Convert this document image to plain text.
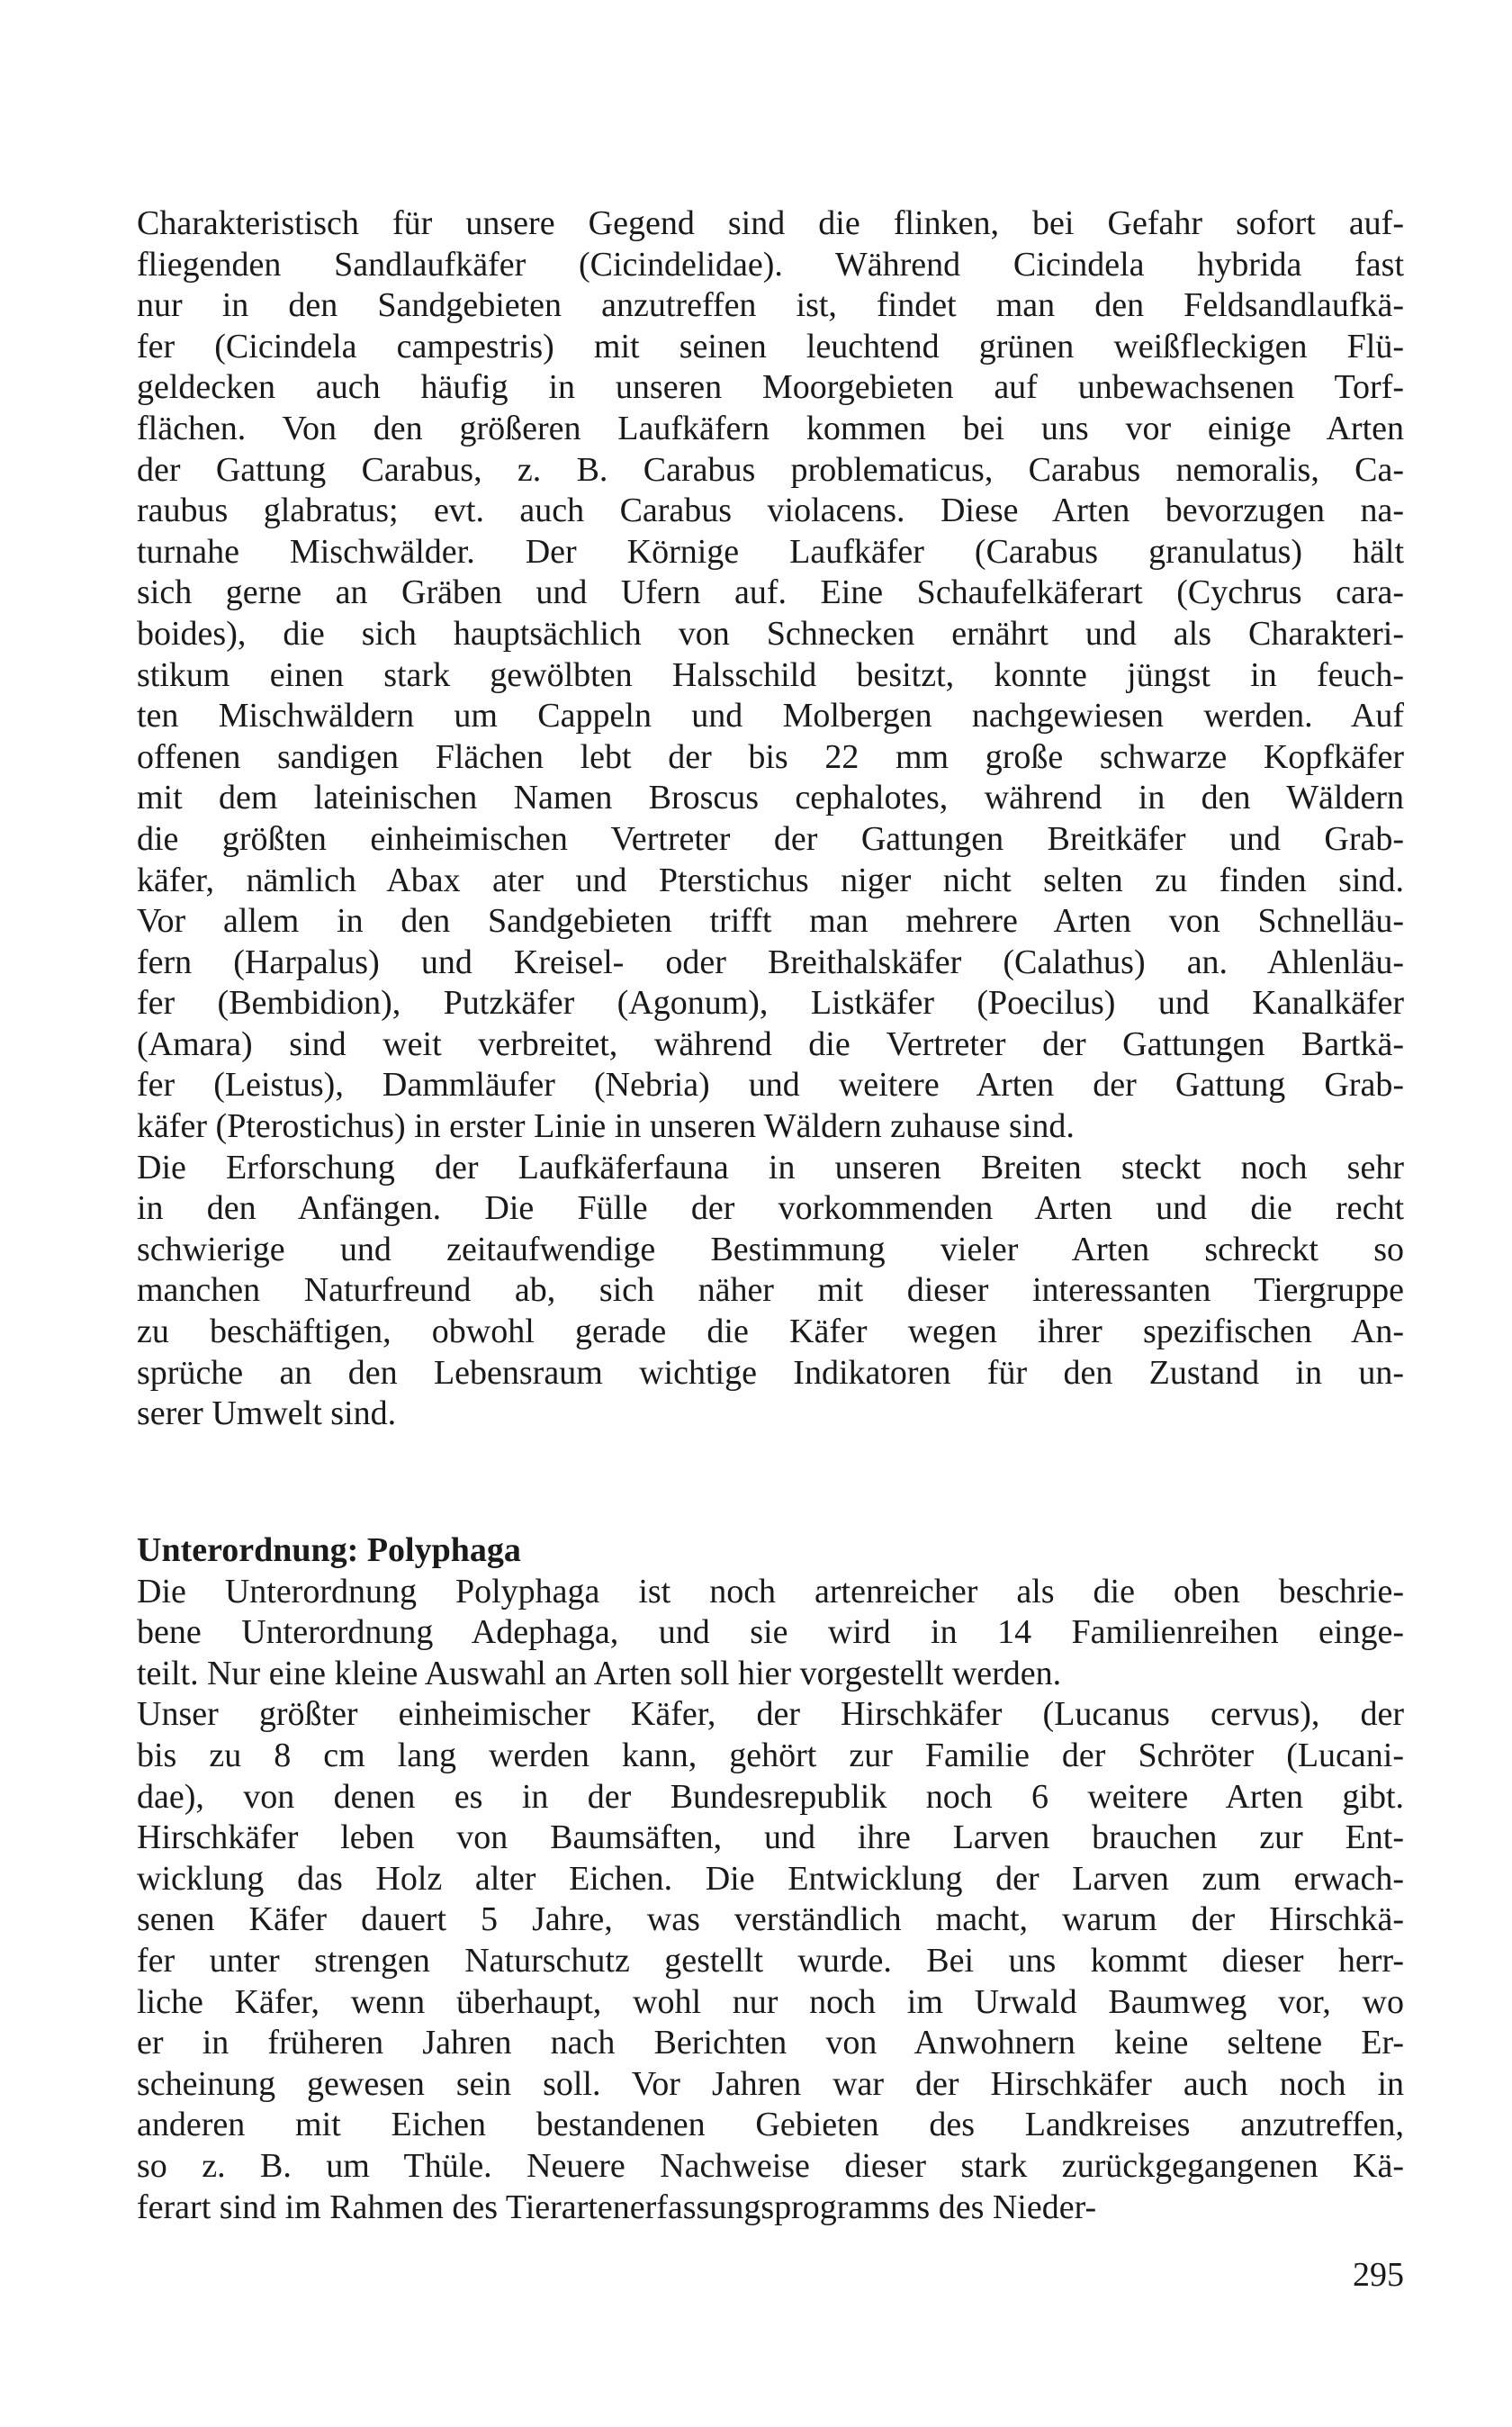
Charakteristisch für unsere Gegend sind die flinken, bei Gefahr sofort auf-
fliegenden Sandlaufkäfer (Cicindelidae). Während Cicindela hybrida fast
nur in den Sandgebieten anzutreffen ist, findet man den Feldsandlaufkä-
fer (Cicindela campestris) mit seinen leuchtend grünen weißfleckigen Flü-
geldecken auch häufig in unseren Moorgebieten auf unbewachsenen Torf-
flächen. Von den größeren Laufkäfern kommen bei uns vor einige Arten
der Gattung Carabus, z. B. Carabus problematicus, Carabus nemoralis, Ca-
raubus glabratus; evt. auch Carabus violacens. Diese Arten bevorzugen na-
turnahe Mischwälder. Der Körnige Laufkäfer (Carabus granulatus) hält
sich gerne an Gräben und Ufern auf. Eine Schaufelkäferart (Cychrus cara-
boides), die sich hauptsächlich von Schnecken ernährt und als Charakteri-
stikum einen stark gewölbten Halsschild besitzt, konnte jüngst in feuch-
ten Mischwäldern um Cappeln und Molbergen nachgewiesen werden. Auf
offenen sandigen Flächen lebt der bis 22 mm große schwarze Kopfkäfer
mit dem lateinischen Namen Broscus cephalotes, während in den Wäldern
die größten einheimischen Vertreter der Gattungen Breitkäfer und Grab-
käfer, nämlich Abax ater und Pterstichus niger nicht selten zu finden sind.
Vor allem in den Sandgebieten trifft man mehrere Arten von Schnelläu-
fern (Harpalus) und Kreisel- oder Breithalskäfer (Calathus) an. Ahlenläu-
fer (Bembidion), Putzkäfer (Agonum), Listkäfer (Poecilus) und Kanalkäfer
(Amara) sind weit verbreitet, während die Vertreter der Gattungen Bartkä-
fer (Leistus), Dammläufer (Nebria) und weitere Arten der Gattung Grab-
käfer (Pterostichus) in erster Linie in unseren Wäldern zuhause sind.

Die Erforschung der Laufkäferfauna in unseren Breiten steckt noch sehr
in den Anfängen. Die Fülle der vorkommenden Arten und die recht
schwierige und zeitaufwendige Bestimmung vieler Arten schreckt so
manchen Naturfreund ab, sich näher mit dieser interessanten Tiergruppe
zu beschäftigen, obwohl gerade die Käfer wegen ihrer spezifischen An-
sprüche an den Lebensraum wichtige Indikatoren für den Zustand in un-
serer Umwelt sind.

Unterordnung: Polyphaga

Die Unterordnung Polyphaga ist noch artenreicher als die oben beschrie-
bene Unterordnung Adephaga, und sie wird in 14 Familienreihen einge-
teilt. Nur eine kleine Auswahl an Arten soll hier vorgestellt werden.

Unser größter einheimischer Käfer, der Hirschkäfer (Lucanus cervus), der
bis zu 8 cm lang werden kann, gehört zur Familie der Schröter (Lucani-
dae), von denen es in der Bundesrepublik noch 6 weitere Arten gibt.
Hirschkäfer leben von Baumsäften, und ihre Larven brauchen zur Ent-
wicklung das Holz alter Eichen. Die Entwicklung der Larven zum erwach-
senen Käfer dauert 5 Jahre, was verständlich macht, warum der Hirschkä-
fer unter strengen Naturschutz gestellt wurde. Bei uns kommt dieser herr-
liche Käfer, wenn überhaupt, wohl nur noch im Urwald Baumweg vor, wo
er in früheren Jahren nach Berichten von Anwohnern keine seltene Er-
scheinung gewesen sein soll. Vor Jahren war der Hirschkäfer auch noch in
anderen mit Eichen bestandenen Gebieten des Landkreises anzutreffen,
so z. B. um Thüle. Neuere Nachweise dieser stark zurückgegangenen Kä-
ferart sind im Rahmen des Tierartenerfassungsprogramms des Nieder-

295
